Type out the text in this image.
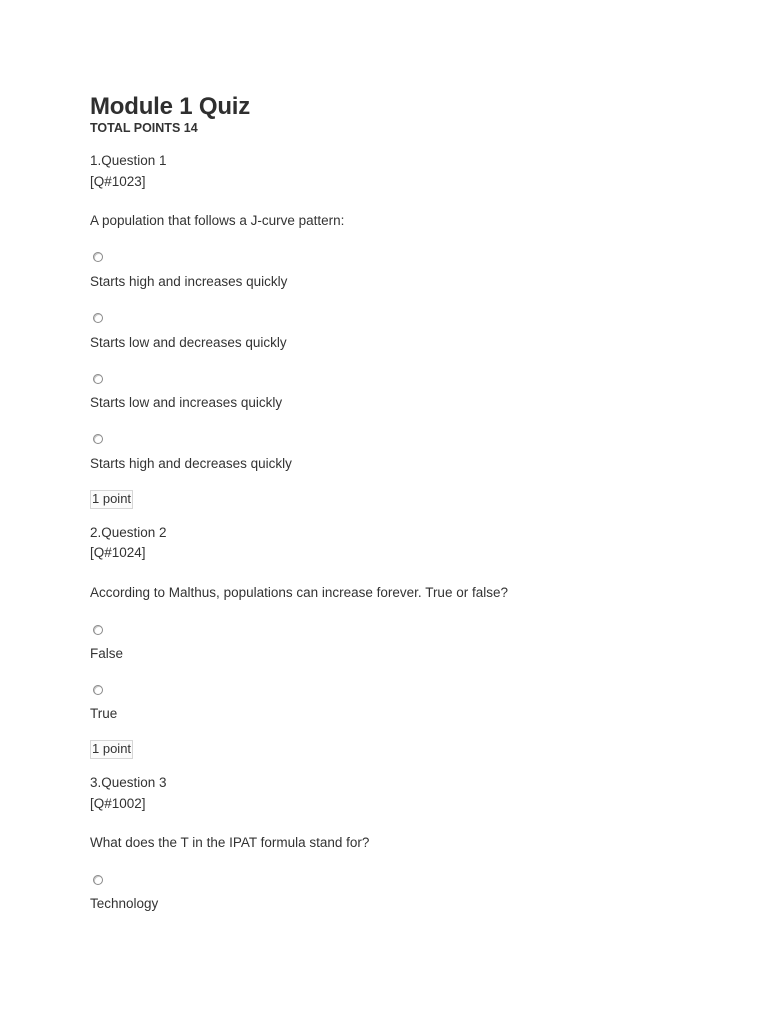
Module 1 Quiz
TOTAL POINTS 14
1.Question 1
[Q#1023]
A population that follows a J-curve pattern:
Starts high and increases quickly
Starts low and decreases quickly
Starts low and increases quickly
Starts high and decreases quickly
1 point
2.Question 2
[Q#1024]
According to Malthus, populations can increase forever. True or false?
False
True
1 point
3.Question 3
[Q#1002]
What does the T in the IPAT formula stand for?
Technology
